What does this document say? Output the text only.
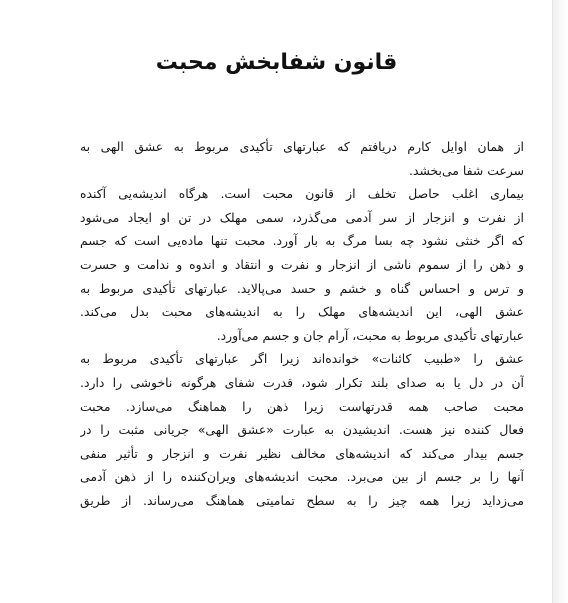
قانون شفابخش محبت
از همان اوایل کارم دریافتم که عبارتهای تأکیدی مربوط به عشق الهی به
سرعت شفا می‌بخشد.
بیماری اغلب حاصل تخلف از قانون محبت است. هرگاه اندیشه‌یی آکنده
از نفرت و انزجار از سر آدمی می‌گذرد، سمی مهلک در تن او ایجاد می‌شود
که اگر خنثی نشود چه بسا مرگ به بار آورد. محبت تنها ماده‌یی است که جسم
و ذهن را از سموم ناشی از انزجار و نفرت و انتقاد و اندوه و ندامت و حسرت
و ترس و احساس گناه و خشم و حسد می‌پالاید. عبارتهای تأکیدی مربوط به
عشق الهی، این اندیشه‌های مهلک را به اندیشه‌های محبت بدل می‌کند.
عبارتهای تأکیدی مربوط به محبت، آرام جان و جسم می‌آورد.
عشق را «طبیب کائنات» خوانده‌اند زیرا اگر عبارتهای تأکیدی مربوط به
آن در دل یا به صدای بلند تکرار شود، قدرت شفای هرگونه ناخوشی را دارد.
محبت صاحب همه قدرتهاست زیرا ذهن را هماهنگ می‌سازد. محبت
فعال کننده نیز هست. اندیشیدن به عبارت «عشق الهی» جریانی مثبت را در
جسم بیدار می‌کند که اندیشه‌های مخالف نظیر نفرت و انزجار و تأثیر منفی
آنها را بر جسم از بین می‌برد. محبت اندیشه‌های ویران‌کننده را از ذهن آدمی
می‌زداید زیرا همه چیز را به سطح تمامیتی هماهنگ می‌رساند. از طریق
